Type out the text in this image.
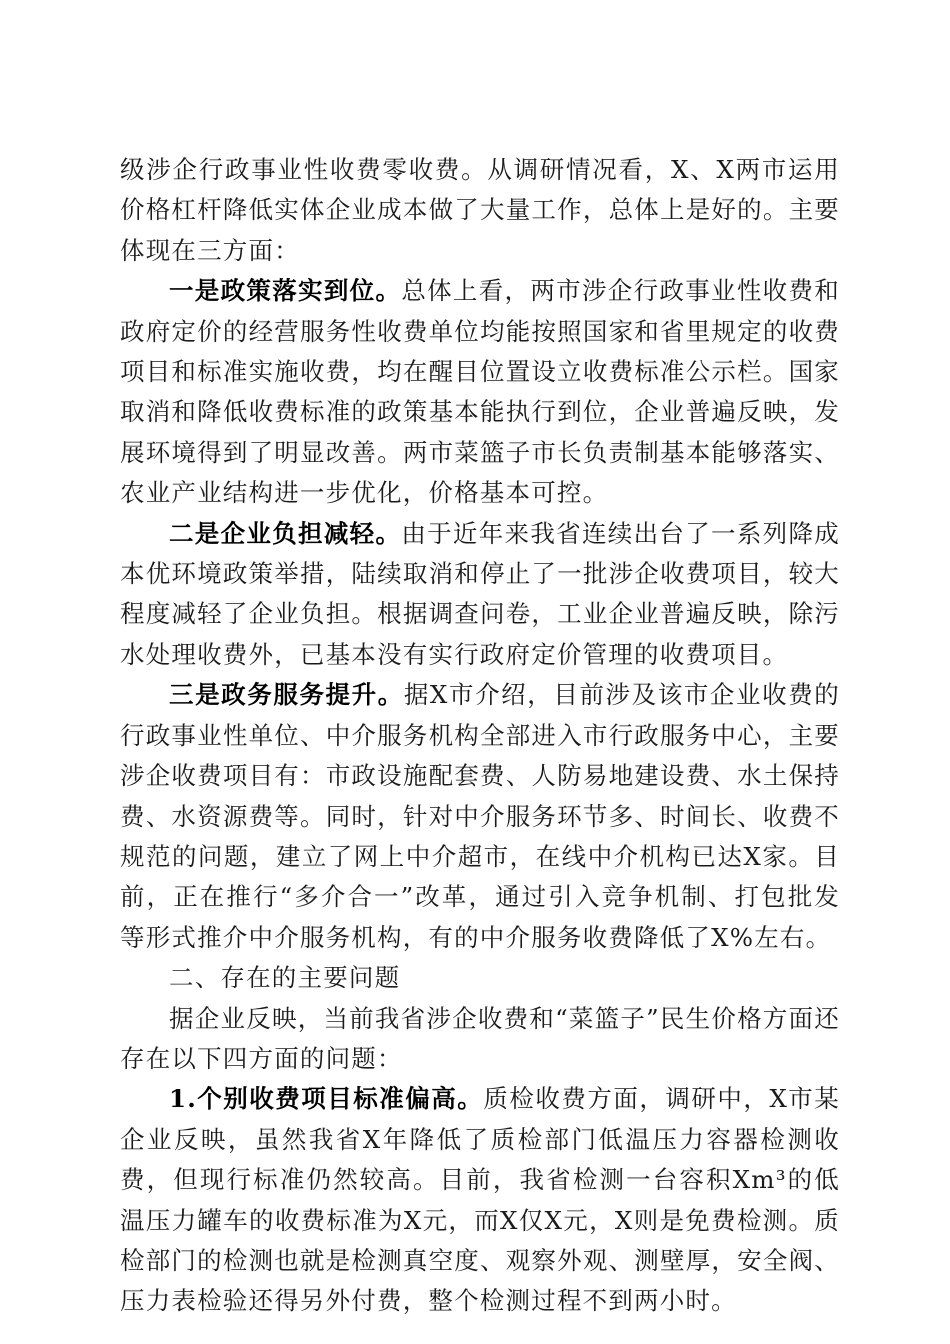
级涉企行政事业性收费零收费。从调研情况看，X、X两市运用价格杠杆降低实体企业成本做了大量工作，总体上是好的。主要体现在三方面：

一是政策落实到位。总体上看，两市涉企行政事业性收费和政府定价的经营服务性收费单位均能按照国家和省里规定的收费项目和标准实施收费，均在醒目位置设立收费标准公示栏。国家取消和降低收费标准的政策基本能执行到位，企业普遍反映，发展环境得到了明显改善。两市菜篮子市长负责制基本能够落实、农业产业结构进一步优化，价格基本可控。

二是企业负担减轻。由于近年来我省连续出台了一系列降成本优环境政策举措，陆续取消和停止了一批涉企收费项目，较大程度减轻了企业负担。根据调查问卷，工业企业普遍反映，除污水处理收费外，已基本没有实行政府定价管理的收费项目。

三是政务服务提升。据X市介绍，目前涉及该市企业收费的行政事业性单位、中介服务机构全部进入市行政服务中心，主要涉企收费项目有：市政设施配套费、人防易地建设费、水土保持费、水资源费等。同时，针对中介服务环节多、时间长、收费不规范的问题，建立了网上中介超市，在线中介机构已达X家。目前，正在推行“多介合一”改革，通过引入竞争机制、打包批发等形式推介中介服务机构，有的中介服务收费降低了X%左右。

二、存在的主要问题

据企业反映，当前我省涉企收费和“菜篮子”民生价格方面还存在以下四方面的问题：

1.个别收费项目标准偏高。质检收费方面，调研中，X市某企业反映，虽然我省X年降低了质检部门低温压力容器检测收费，但现行标准仍然较高。目前，我省检测一台容积Xm³的低温压力罐车的收费标准为X元，而X仅X元，X则是免费检测。质检部门的检测也就是检测真空度、观察外观、测壁厚，安全阀、压力表检验还得另外付费，整个检测过程不到两小时。
